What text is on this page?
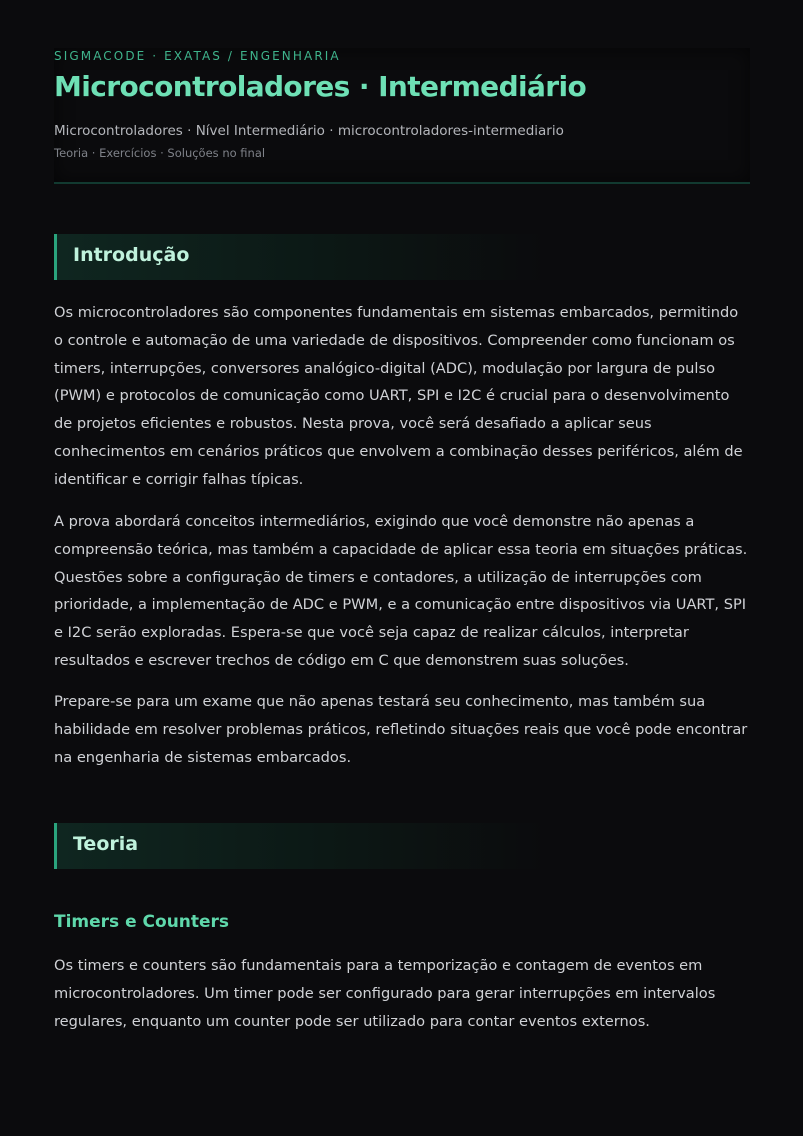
SIGMACODE · EXATAS / ENGENHARIA
Microcontroladores · Intermediário
Microcontroladores · Nível Intermediário · microcontroladores-intermediario
Teoria · Exercícios · Soluções no final
Introdução

Os microcontroladores são componentes fundamentais em sistemas embarcados, permitindo o controle e automação de uma variedade de dispositivos. Compreender como funcionam os timers, interrupções, conversores analógico-digital (ADC), modulação por largura de pulso (PWM) e protocolos de comunicação como UART, SPI e I2C é crucial para o desenvolvimento de projetos eficientes e robustos. Nesta prova, você será desafiado a aplicar seus conhecimentos em cenários práticos que envolvem a combinação desses periféricos, além de identificar e corrigir falhas típicas.

A prova abordará conceitos intermediários, exigindo que você demonstre não apenas a compreensão teórica, mas também a capacidade de aplicar essa teoria em situações práticas. Questões sobre a configuração de timers e contadores, a utilização de interrupções com prioridade, a implementação de ADC e PWM, e a comunicação entre dispositivos via UART, SPI e I2C serão exploradas. Espera-se que você seja capaz de realizar cálculos, interpretar resultados e escrever trechos de código em C que demonstrem suas soluções.

Prepare-se para um exame que não apenas testará seu conhecimento, mas também sua habilidade em resolver problemas práticos, refletindo situações reais que você pode encontrar na engenharia de sistemas embarcados.

Teoria
Timers e Counters

Os timers e counters são fundamentais para a temporização e contagem de eventos em microcontroladores. Um timer pode ser configurado para gerar interrupções em intervalos regulares, enquanto um counter pode ser utilizado para contar eventos externos.
